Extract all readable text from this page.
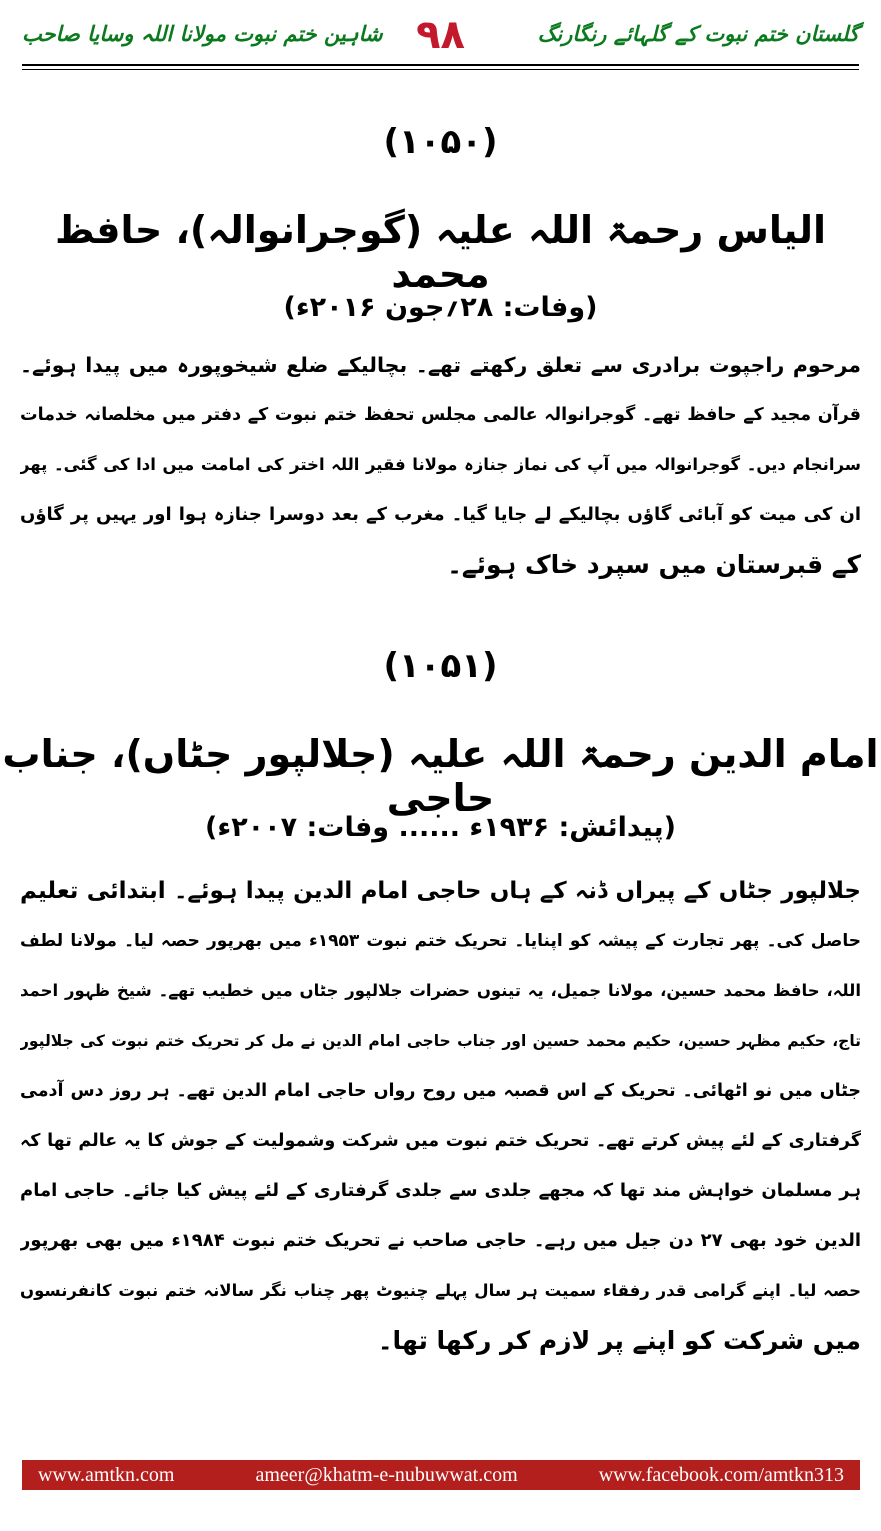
گلستان ختم نبوت کے گلہائے رنگارنگ
۹۸
شاہین ختم نبوت مولانا اللہ وسایا صاحب
(۱۰۵۰)
الیاس رحمۃ اللہ علیہ (گوجرانوالہ)، حافظ محمد
(وفات: ۲۸؍جون ۲۰۱۶ء)
مرحوم راجپوت برادری سے تعلق رکھتے تھے۔ بچالیکے ضلع شیخوپورہ میں پیدا ہوئے۔
قرآن مجید کے حافظ تھے۔ گوجرانوالہ عالمی مجلس تحفظ ختم نبوت کے دفتر میں مخلصانہ خدمات
سرانجام دیں۔ گوجرانوالہ میں آپ کی نماز جنازہ مولانا فقیر اللہ اختر کی امامت میں ادا کی گئی۔ پھر
ان کی میت کو آبائی گاؤں بچالیکے لے جایا گیا۔ مغرب کے بعد دوسرا جنازہ ہوا اور یہیں پر گاؤں
کے قبرستان میں سپرد خاک ہوئے۔
(۱۰۵۱)
امام الدین رحمۃ اللہ علیہ (جلالپور جٹاں)، جناب حاجی
(پیدائش: ۱۹۳۶ء ...... وفات: ۲۰۰۷ء)
جلالپور جٹاں کے پیراں ڈنہ کے ہاں حاجی امام الدین پیدا ہوئے۔ ابتدائی تعلیم
حاصل کی۔ پھر تجارت کے پیشہ کو اپنایا۔ تحریک ختم نبوت ۱۹۵۳ء میں بھرپور حصہ لیا۔ مولانا لطف
اللہ، حافظ محمد حسین، مولانا جمیل، یہ تینوں حضرات جلالپور جٹاں میں خطیب تھے۔ شیخ ظہور احمد
تاج، حکیم مظہر حسین، حکیم محمد حسین اور جناب حاجی امام الدین نے مل کر تحریک ختم نبوت کی جلالپور
جٹاں میں نو اٹھائی۔ تحریک کے اس قصبہ میں روح رواں حاجی امام الدین تھے۔ ہر روز دس آدمی
گرفتاری کے لئے پیش کرتے تھے۔ تحریک ختم نبوت میں شرکت وشمولیت کے جوش کا یہ عالم تھا کہ
ہر مسلمان خواہش مند تھا کہ مجھے جلدی سے جلدی گرفتاری کے لئے پیش کیا جائے۔ حاجی امام
الدین خود بھی ۲۷ دن جیل میں رہے۔ حاجی صاحب نے تحریک ختم نبوت ۱۹۸۴ء میں بھی بھرپور
حصہ لیا۔ اپنے گرامی قدر رفقاء سمیت ہر سال پہلے چنیوٹ پھر چناب نگر سالانہ ختم نبوت کانفرنسوں
میں شرکت کو اپنے پر لازم کر رکھا تھا۔
www.amtkn.com	ameer@khatm-e-nubuwwat.com	www.facebook.com/amtkn313
